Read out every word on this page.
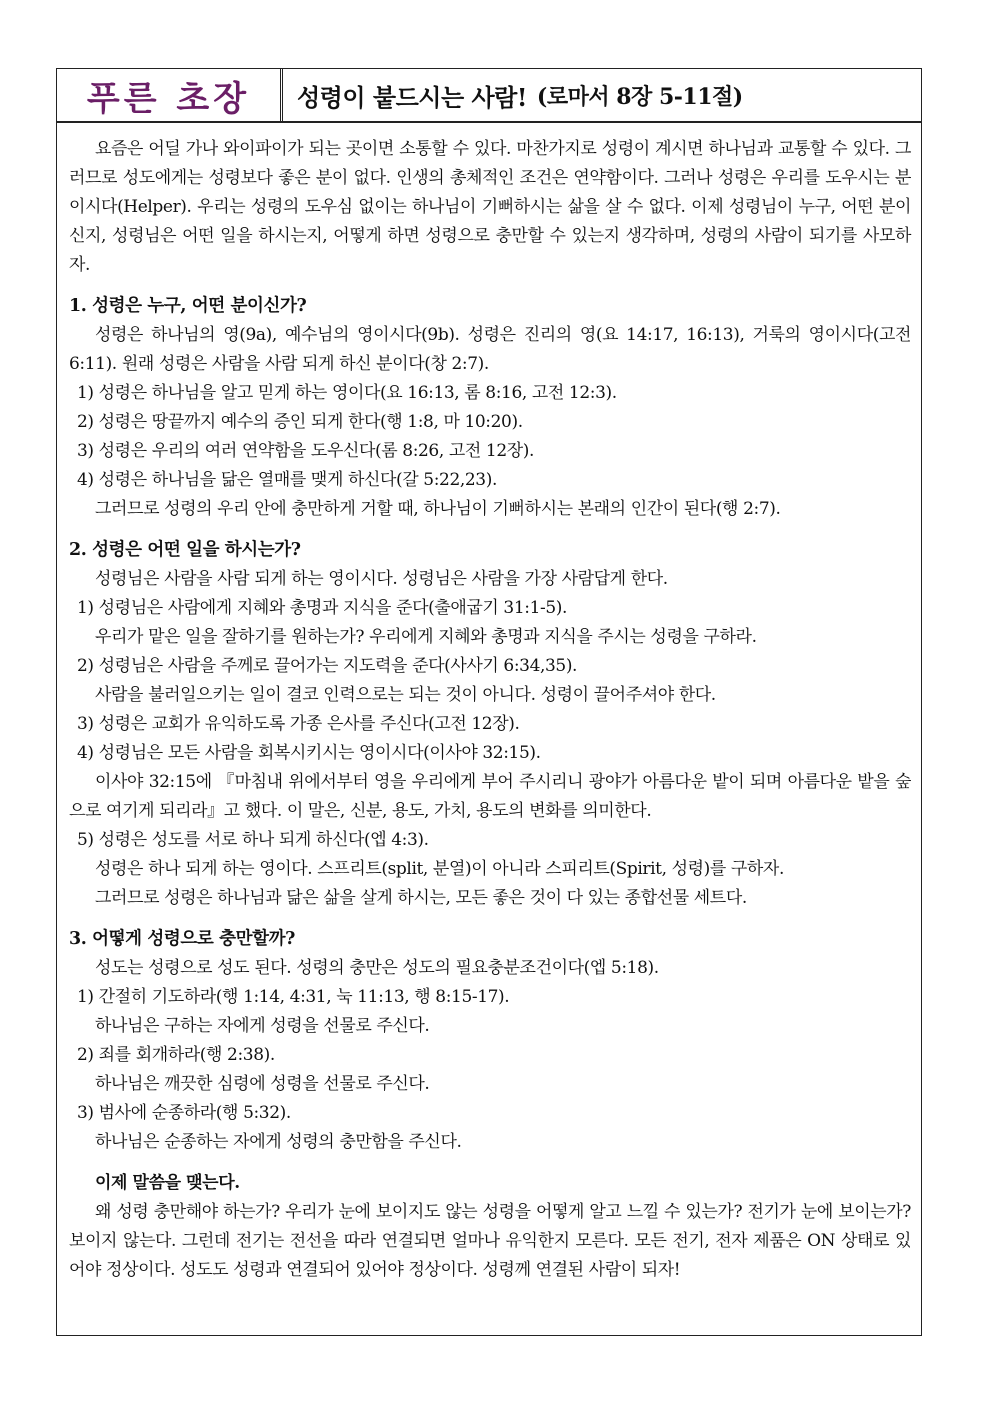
푸른 초장	성령이 붙드시는 사람! (로마서 8장 5-11절)

요즘은 어딜 가나 와이파이가 되는 곳이면 소통할 수 있다. 마찬가지로 성령이 계시면 하나님과 교통할 수 있다. 그러므로 성도에게는 성령보다 좋은 분이 없다. 인생의 총체적인 조건은 연약함이다. 그러나 성령은 우리를 도우시는 분이시다(Helper). 우리는 성령의 도우심 없이는 하나님이 기뻐하시는 삶을 살 수 없다. 이제 성령님이 누구, 어떤 분이신지, 성령님은 어떤 일을 하시는지, 어떻게 하면 성령으로 충만할 수 있는지 생각하며, 성령의 사람이 되기를 사모하자.

1. 성령은 누구, 어떤 분이신가?

성령은 하나님의 영(9a), 예수님의 영이시다(9b). 성령은 진리의 영(요 14:17, 16:13), 거룩의 영이시다(고전 6:11). 원래 성령은 사람을 사람 되게 하신 분이다(창 2:7).

1) 성령은 하나님을 알고 믿게 하는 영이다(요 16:13, 롬 8:16, 고전 12:3).

2) 성령은 땅끝까지 예수의 증인 되게 한다(행 1:8, 마 10:20).

3) 성령은 우리의 여러 연약함을 도우신다(롬 8:26, 고전 12장).

4) 성령은 하나님을 닮은 열매를 맺게 하신다(갈 5:22,23).

그러므로 성령의 우리 안에 충만하게 거할 때, 하나님이 기뻐하시는 본래의 인간이 된다(행 2:7).

2. 성령은 어떤 일을 하시는가?

성령님은 사람을 사람 되게 하는 영이시다. 성령님은 사람을 가장 사람답게 한다.

1) 성령님은 사람에게 지혜와 총명과 지식을 준다(출애굽기 31:1-5).

우리가 맡은 일을 잘하기를 원하는가? 우리에게 지혜와 총명과 지식을 주시는 성령을 구하라.

2) 성령님은 사람을 주께로 끌어가는 지도력을 준다(사사기 6:34,35).

사람을 불러일으키는 일이 결코 인력으로는 되는 것이 아니다. 성령이 끌어주셔야 한다.

3) 성령은 교회가 유익하도록 가종 은사를 주신다(고전 12장).

4) 성령님은 모든 사람을 회복시키시는 영이시다(이사야 32:15).

이사야 32:15에 『마침내 위에서부터 영을 우리에게 부어 주시리니 광야가 아름다운 밭이 되며 아름다운 밭을 숲으로 여기게 되리라』고 했다. 이 말은, 신분, 용도, 가치, 용도의 변화를 의미한다.

5) 성령은 성도를 서로 하나 되게 하신다(엡 4:3).

성령은 하나 되게 하는 영이다. 스프리트(split, 분열)이 아니라 스피리트(Spirit, 성령)를 구하자.

그러므로 성령은 하나님과 닮은 삶을 살게 하시는, 모든 좋은 것이 다 있는 종합선물 세트다.

3. 어떻게 성령으로 충만할까?

성도는 성령으로 성도 된다. 성령의 충만은 성도의 필요충분조건이다(엡 5:18).

1) 간절히 기도하라(행 1:14, 4:31, 눅 11:13, 행 8:15-17).

하나님은 구하는 자에게 성령을 선물로 주신다.

2) 죄를 회개하라(행 2:38).

하나님은 깨끗한 심령에 성령을 선물로 주신다.

3) 범사에 순종하라(행 5:32).

하나님은 순종하는 자에게 성령의 충만함을 주신다.

이제 말씀을 맺는다.

왜 성령 충만해야 하는가? 우리가 눈에 보이지도 않는 성령을 어떻게 알고 느낄 수 있는가? 전기가 눈에 보이는가? 보이지 않는다. 그런데 전기는 전선을 따라 연결되면 얼마나 유익한지 모른다. 모든 전기, 전자 제품은 ON 상태로 있어야 정상이다. 성도도 성령과 연결되어 있어야 정상이다. 성령께 연결된 사람이 되자!
